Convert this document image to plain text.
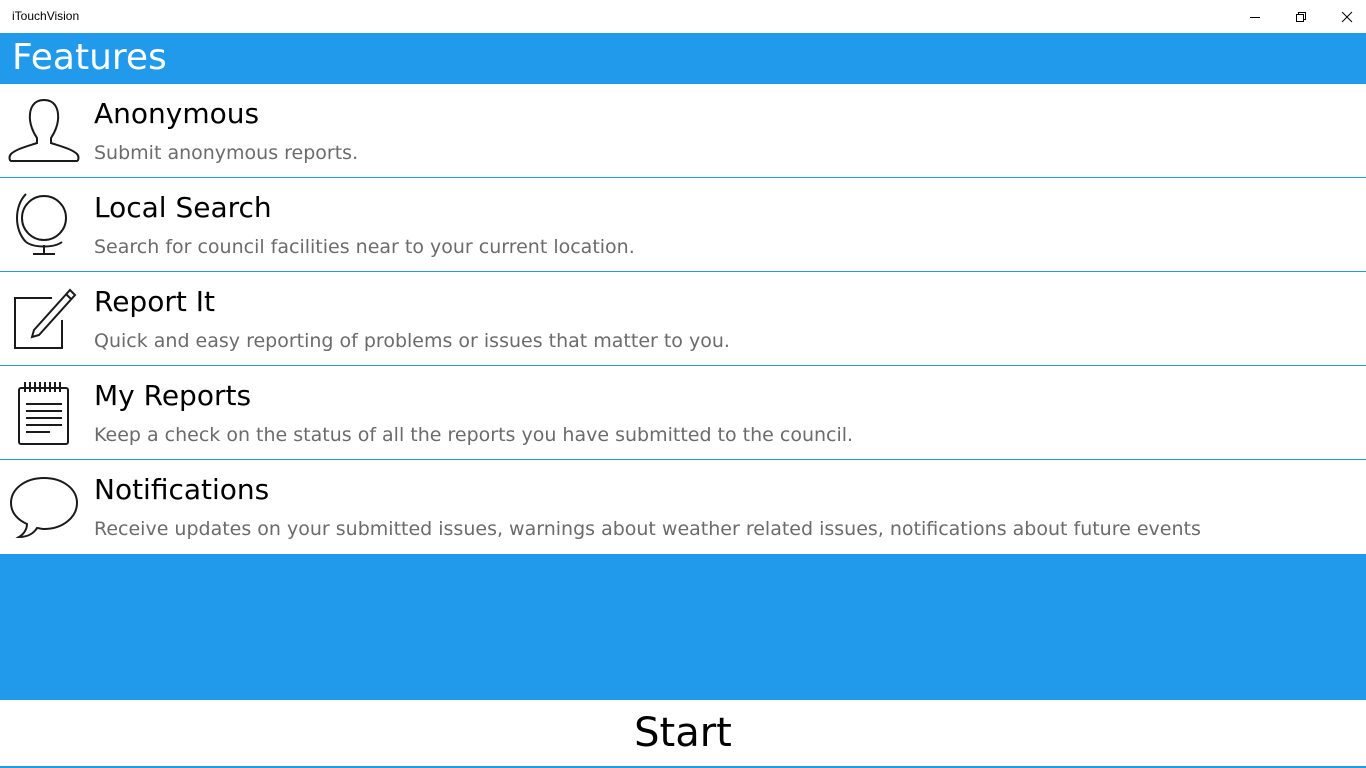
iTouchVision
Features
Anonymous
Submit anonymous reports.
Local Search
Search for council facilities near to your current location.
Report It
Quick and easy reporting of problems or issues that matter to you.
My Reports
Keep a check on the status of all the reports you have submitted to the council.
Notifications
Receive updates on your submitted issues, warnings about weather related issues, notifications about future events
Start
